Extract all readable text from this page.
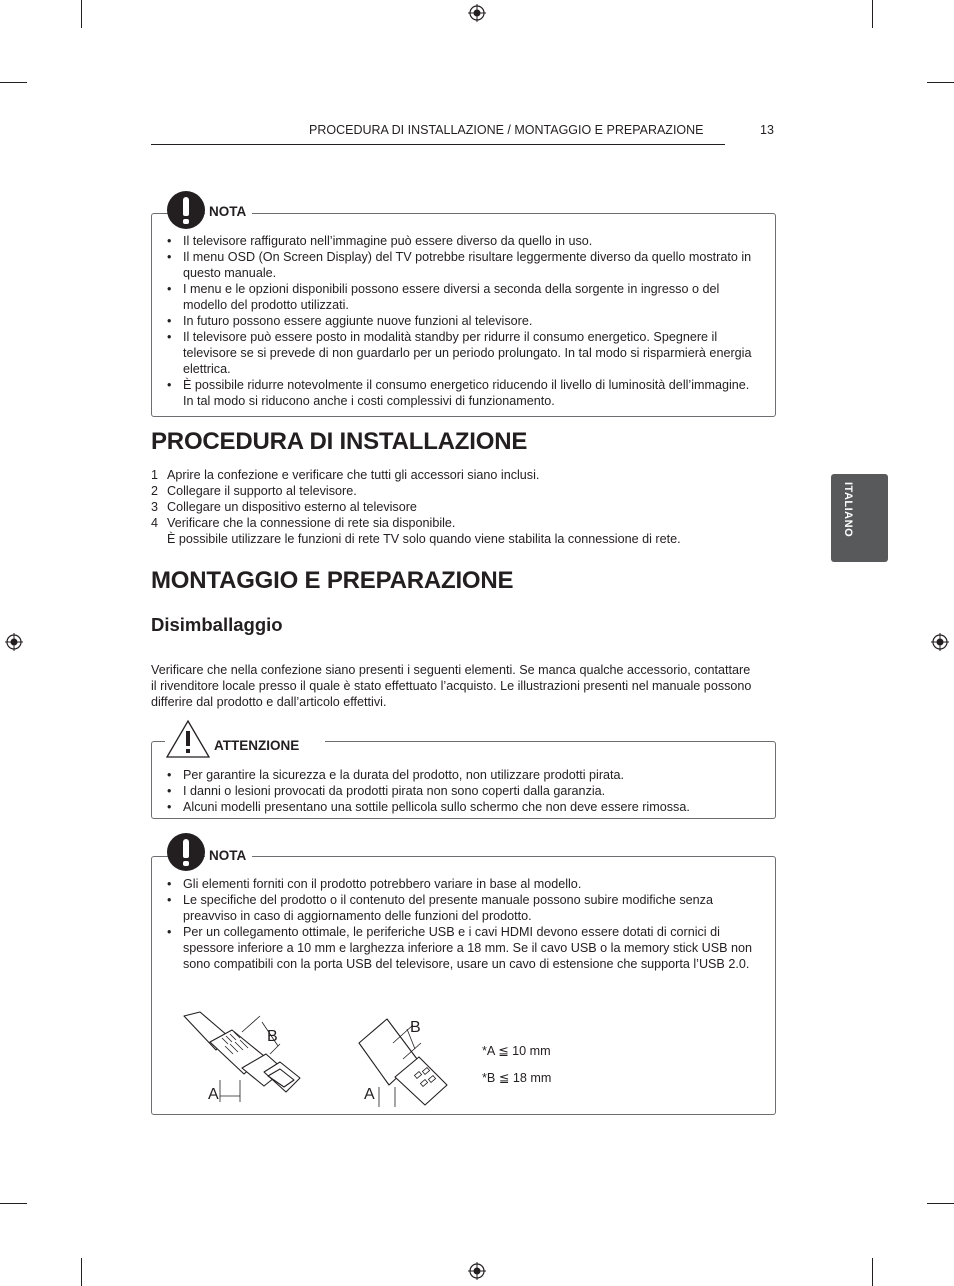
PROCEDURA DI INSTALLAZIONE / MONTAGGIO E PREPARAZIONE	13
ITALIANO
NOTA
• Il televisore raffigurato nell’immagine può essere diverso da quello in uso.
• Il menu OSD (On Screen Display) del TV potrebbe risultare leggermente diverso da quello mostrato in questo manuale.
• I menu e le opzioni disponibili possono essere diversi a seconda della sorgente in ingresso o del modello del prodotto utilizzati.
• In futuro possono essere aggiunte nuove funzioni al televisore.
• Il televisore può essere posto in modalità standby per ridurre il consumo energetico. Spegnere il televisore se si prevede di non guardarlo per un periodo prolungato. In tal modo si risparmierà energia elettrica.
• È possibile ridurre notevolmente il consumo energetico riducendo il livello di luminosità dell’immagine. In tal modo si riducono anche i costi complessivi di funzionamento.
PROCEDURA DI INSTALLAZIONE
1 Aprire la confezione e verificare che tutti gli accessori siano inclusi.
2 Collegare il supporto al televisore.
3 Collegare un dispositivo esterno al televisore
4 Verificare che la connessione di rete sia disponibile.
È possibile utilizzare le funzioni di rete TV solo quando viene stabilita la connessione di rete.
MONTAGGIO E PREPARAZIONE
Disimballaggio

Verificare che nella confezione siano presenti i seguenti elementi. Se manca qualche accessorio, contattare il rivenditore locale presso il quale è stato effettuato l’acquisto. Le illustrazioni presenti nel manuale possono differire dal prodotto e dall’articolo effettivi.

ATTENZIONE
• Per garantire la sicurezza e la durata del prodotto, non utilizzare prodotti pirata.
• I danni o lesioni provocati da prodotti pirata non sono coperti dalla garanzia.
• Alcuni modelli presentano una sottile pellicola sullo schermo che non deve essere rimossa.
NOTA
• Gli elementi forniti con il prodotto potrebbero variare in base al modello.
• Le specifiche del prodotto o il contenuto del presente manuale possono subire modifiche senza preavviso in caso di aggiornamento delle funzioni del prodotto.
• Per un collegamento ottimale, le periferiche USB e i cavi HDMI devono essere dotati di cornici di spessore inferiore a 10 mm e larghezza inferiore a 18 mm. Se il cavo USB o la memory stick USB non sono compatibili con la porta USB del televisore, usare un cavo di estensione che supporta l’USB 2.0.
B
A
B
A
*A ≦ 10 mm
*B ≦ 18 mm
